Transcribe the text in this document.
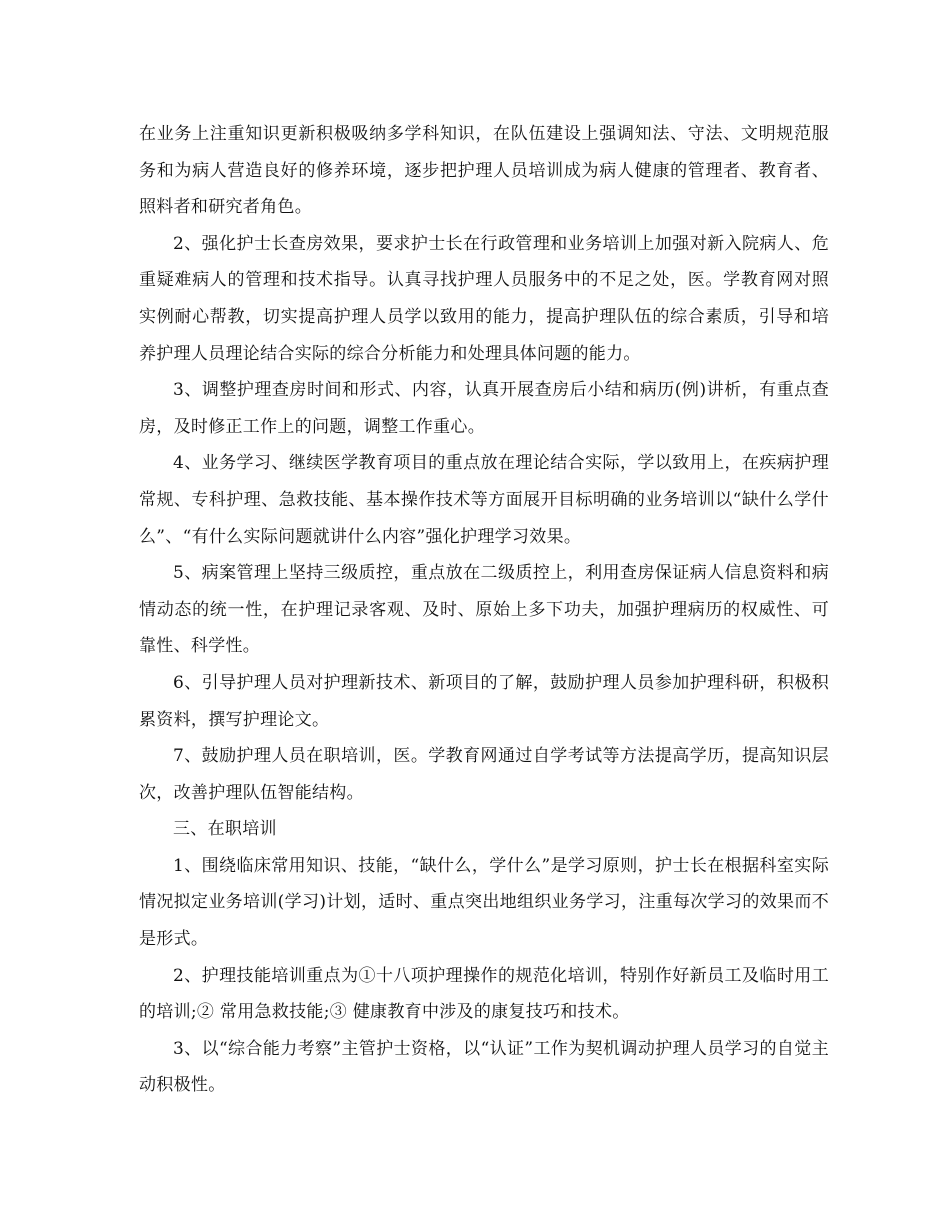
在业务上注重知识更新积极吸纳多学科知识，在队伍建设上强调知法、守法、文明规范服务和为病人营造良好的修养环境，逐步把护理人员培训成为病人健康的管理者、教育者、照料者和研究者角色。

2、强化护士长查房效果，要求护士长在行政管理和业务培训上加强对新入院病人、危重疑难病人的管理和技术指导。认真寻找护理人员服务中的不足之处，医。学教育网对照实例耐心帮教，切实提高护理人员学以致用的能力，提高护理队伍的综合素质，引导和培养护理人员理论结合实际的综合分析能力和处理具体问题的能力。

3、调整护理查房时间和形式、内容，认真开展查房后小结和病历(例)讲析，有重点查房，及时修正工作上的问题，调整工作重心。

4、业务学习、继续医学教育项目的重点放在理论结合实际，学以致用上，在疾病护理常规、专科护理、急救技能、基本操作技术等方面展开目标明确的业务培训以“缺什么学什么”、“有什么实际问题就讲什么内容”强化护理学习效果。

5、病案管理上坚持三级质控，重点放在二级质控上，利用查房保证病人信息资料和病情动态的统一性，在护理记录客观、及时、原始上多下功夫，加强护理病历的权威性、可靠性、科学性。

6、引导护理人员对护理新技术、新项目的了解，鼓励护理人员参加护理科研，积极积累资料，撰写护理论文。

7、鼓励护理人员在职培训，医。学教育网通过自学考试等方法提高学历，提高知识层次，改善护理队伍智能结构。

三、在职培训

1、围绕临床常用知识、技能，“缺什么，学什么”是学习原则，护士长在根据科室实际情况拟定业务培训(学习)计划，适时、重点突出地组织业务学习，注重每次学习的效果而不是形式。

2、护理技能培训重点为①十八项护理操作的规范化培训，特别作好新员工及临时用工的培训;② 常用急救技能;③ 健康教育中涉及的康复技巧和技术。

3、以“综合能力考察”主管护士资格，以“认证”工作为契机调动护理人员学习的自觉主动积极性。
